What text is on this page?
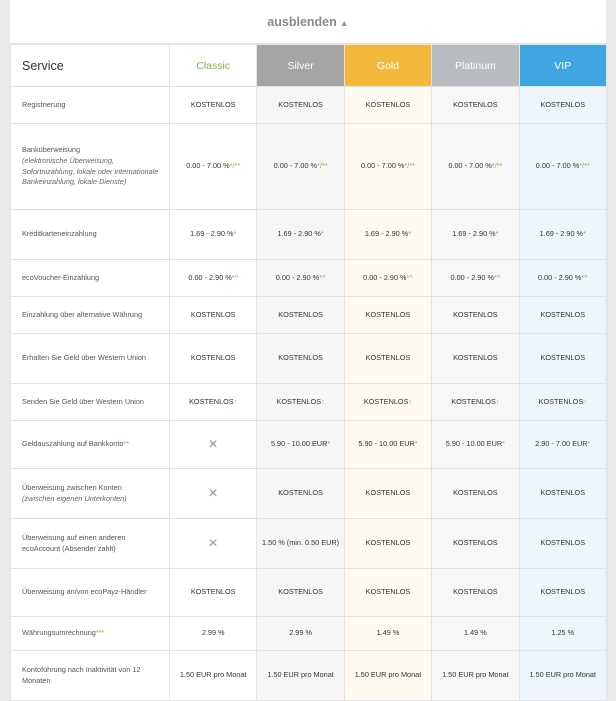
ausblenden ▲
Service	Classic	Silver	Gold	Platinum	VIP
Registrierung	KOSTENLOS	KOSTENLOS	KOSTENLOS	KOSTENLOS	KOSTENLOS
Banküberweisung
(elektronische Überweisung, Sofortnizahlung, lokale oder internationale Bankeinzahlung, lokale Dienste)	0.00 - 7.00 %*/**	0.00 - 7.00 %*/**	0.00 - 7.00 %*/**	0.00 - 7.00 %*/**	0.00 - 7.00 %*/**
Kreditkarteneinzahlung	1.69 - 2.90 %*	1.69 - 2.90 %*	1.69 - 2.90 %*	1.69 - 2.90 %*	1.69 - 2.90 %*
ecoVoucher-Einzahlung	0.00 - 2.90 %*^	0.00 - 2.90 %*^	0.00 - 2.90 %*^	0.00 - 2.90 %*^	0.00 - 2.90 %*^
Einzahlung über alternative Währung	KOSTENLOS	KOSTENLOS	KOSTENLOS	KOSTENLOS	KOSTENLOS
Erhalten Sie Geld über Western Union	KOSTENLOS	KOSTENLOS	KOSTENLOS	KOSTENLOS	KOSTENLOS
Senden Sie Geld über Western Union	KOSTENLOS↑	KOSTENLOS↑	KOSTENLOS↑	KOSTENLOS↑	KOSTENLOS↑
Geldauszahlung auf Bankkonto**	✕	5.90 - 10.00 EUR*	5.90 - 10.00 EUR*	5.90 - 10.00 EUR*	2.90 - 7.00 EUR*
Überweisung zwischen Konten
(zwischen eigenen Unterkonten)	✕	KOSTENLOS	KOSTENLOS	KOSTENLOS	KOSTENLOS
Überweisung auf einen anderen ecoAccount (Absender zahlt)	✕	1.50 % (min. 0.50 EUR)	KOSTENLOS	KOSTENLOS	KOSTENLOS
Überweisung an/von ecoPayz-Händler	KOSTENLOS	KOSTENLOS	KOSTENLOS	KOSTENLOS	KOSTENLOS
Währungsumrechnung***	2.99 %	2.99 %	1.49 %	1.49 %	1.25 %
Kontoführung nach Inaktivität von 12 Monaten	1.50 EUR pro Monat	1.50 EUR pro Monat	1.50 EUR pro Monat	1.50 EUR pro Monat	1.50 EUR pro Monat
